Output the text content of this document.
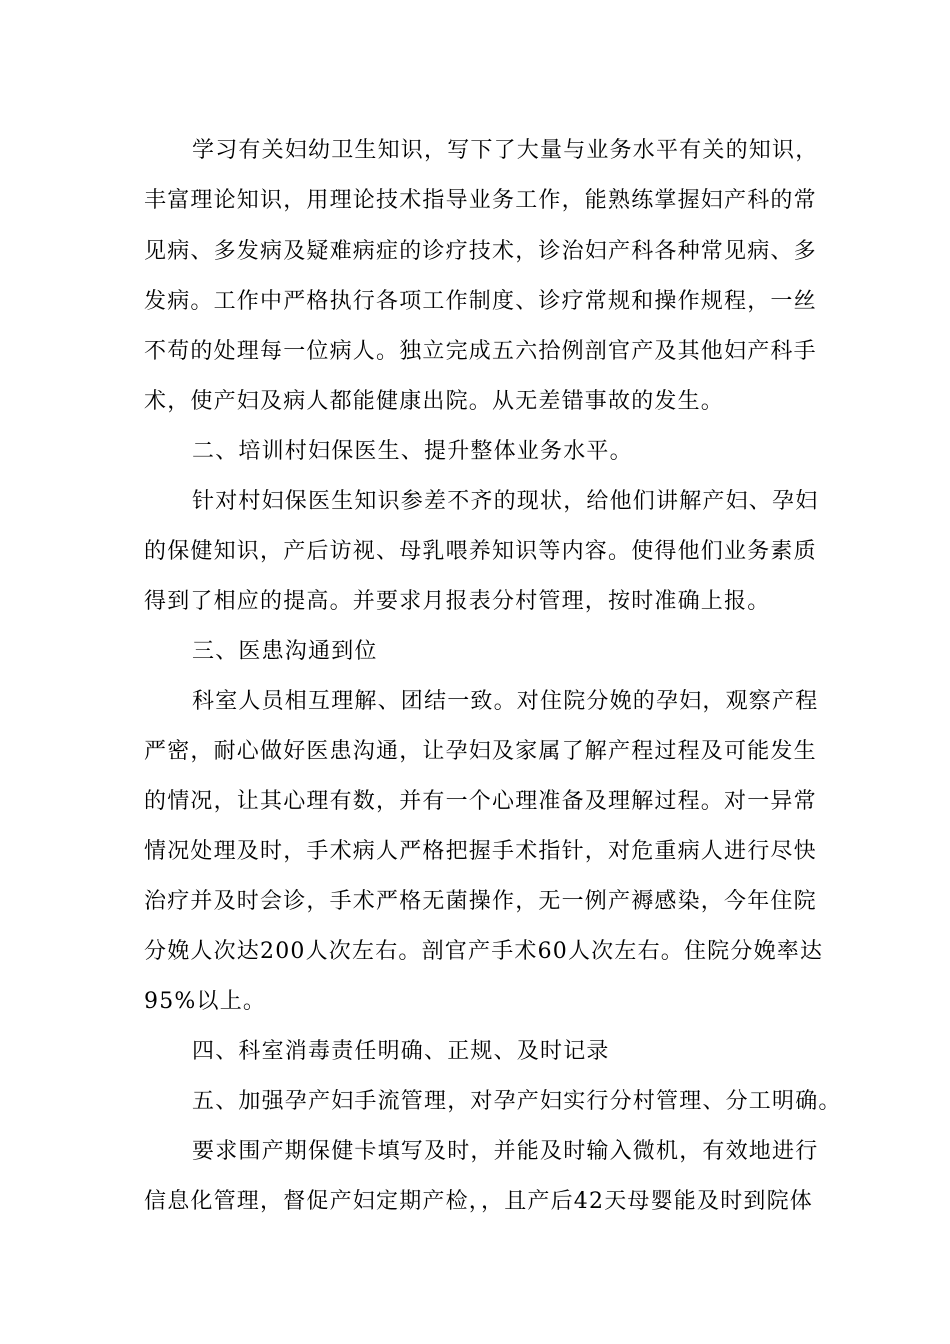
学习有关妇幼卫生知识，写下了大量与业务水平有关的知识，
丰富理论知识，用理论技术指导业务工作，能熟练掌握妇产科的常
见病、多发病及疑难病症的诊疗技术，诊治妇产科各种常见病、多
发病。工作中严格执行各项工作制度、诊疗常规和操作规程，一丝
不苟的处理每一位病人。独立完成五六拾例剖官产及其他妇产科手
术，使产妇及病人都能健康出院。从无差错事故的发生。
二、培训村妇保医生、提升整体业务水平。
针对村妇保医生知识参差不齐的现状，给他们讲解产妇、孕妇
的保健知识，产后访视、母乳喂养知识等内容。使得他们业务素质
得到了相应的提高。并要求月报表分村管理，按时准确上报。
三、医患沟通到位
科室人员相互理解、团结一致。对住院分娩的孕妇，观察产程
严密，耐心做好医患沟通，让孕妇及家属了解产程过程及可能发生
的情况，让其心理有数，并有一个心理准备及理解过程。对一异常
情况处理及时，手术病人严格把握手术指针，对危重病人进行尽快
治疗并及时会诊，手术严格无菌操作，无一例产褥感染，今年住院
分娩人次达200人次左右。剖官产手术60人次左右。住院分娩率达
95%以上。
四、科室消毒责任明确、正规、及时记录
五、加强孕产妇手流管理，对孕产妇实行分村管理、分工明确。
要求围产期保健卡填写及时，并能及时输入微机，有效地进行
信息化管理，督促产妇定期产检，，且产后42天母婴能及时到院体
